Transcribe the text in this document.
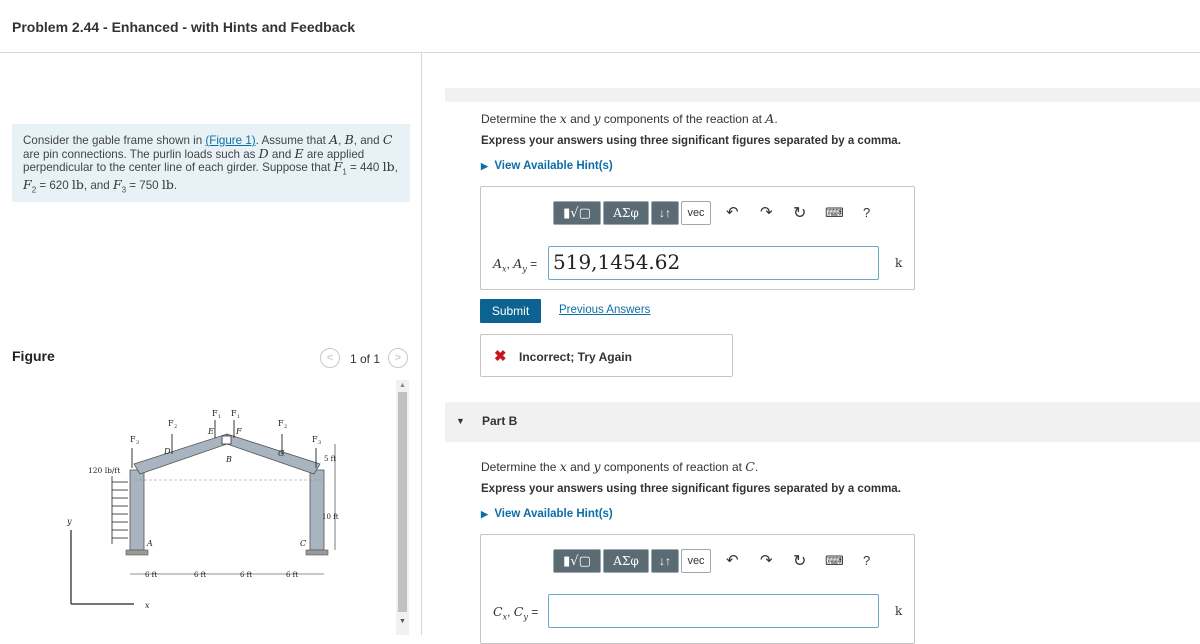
Problem 2.44 - Enhanced - with Hints and Feedback
Consider the gable frame shown in (Figure 1). Assume that A, B, and C
are pin connections. The purlin loads such as D and E are applied
perpendicular to the center line of each girder. Suppose that $F_1 = 440$ lb,
$F_2 = 620$ lb, and $F_3 = 750$ lb.
Figure	<	1 of 1	>
y
x
120 lb/ft
F 3
F 2
F 1 F 1
F 2
F 3
E	F
D	G
B
A	C
5 ft
10 ft
6 ft	6 ft	6 ft	6 ft
▲
▼
Determine the x and y components of the reaction at A.
Express your answers using three significant figures separated by a comma.
▶ View Available Hint(s)
▮√▢	ΑΣφ	↓↑	vec	↶ ↷ ↻ ⌨ ?
$A_x$, $A_y = 519,1454.62$	k
Submit	Previous Answers
✖ Incorrect; Try Again
▼ Part B
Determine the x and y components of reaction at C.
Express your answers using three significant figures separated by a comma.
▶ View Available Hint(s)
▮√▢	ΑΣφ	↓↑	vec	↶ ↷ ↻ ⌨ ?
$C_x$, $C_y$ =	k
